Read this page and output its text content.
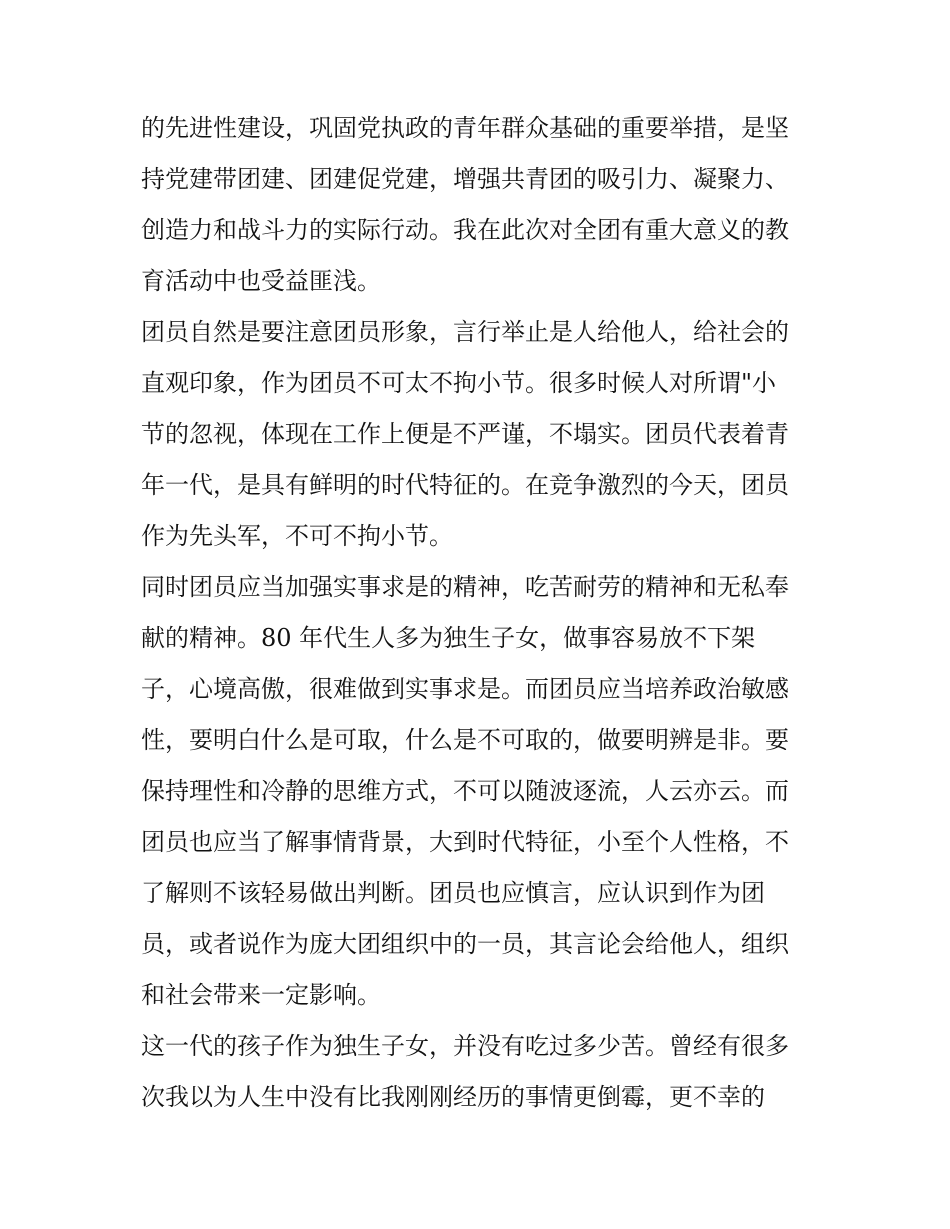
的先进性建设，巩固党执政的青年群众基础的重要举措，是坚
持党建带团建、团建促党建，增强共青团的吸引力、凝聚力、
创造力和战斗力的实际行动。我在此次对全团有重大意义的教
育活动中也受益匪浅。
团员自然是要注意团员形象，言行举止是人给他人，给社会的
直观印象，作为团员不可太不拘小节。很多时候人对所谓"小
节的忽视，体现在工作上便是不严谨，不塌实。团员代表着青
年一代，是具有鲜明的时代特征的。在竞争激烈的今天，团员
作为先头军，不可不拘小节。
同时团员应当加强实事求是的精神，吃苦耐劳的精神和无私奉
献的精神。80 年代生人多为独生子女，做事容易放不下架
子，心境高傲，很难做到实事求是。而团员应当培养政治敏感
性，要明白什么是可取，什么是不可取的，做要明辨是非。要
保持理性和冷静的思维方式，不可以随波逐流，人云亦云。而
团员也应当了解事情背景，大到时代特征，小至个人性格，不
了解则不该轻易做出判断。团员也应慎言，应认识到作为团
员，或者说作为庞大团组织中的一员，其言论会给他人，组织
和社会带来一定影响。
这一代的孩子作为独生子女，并没有吃过多少苦。曾经有很多
次我以为人生中没有比我刚刚经历的事情更倒霉，更不幸的
